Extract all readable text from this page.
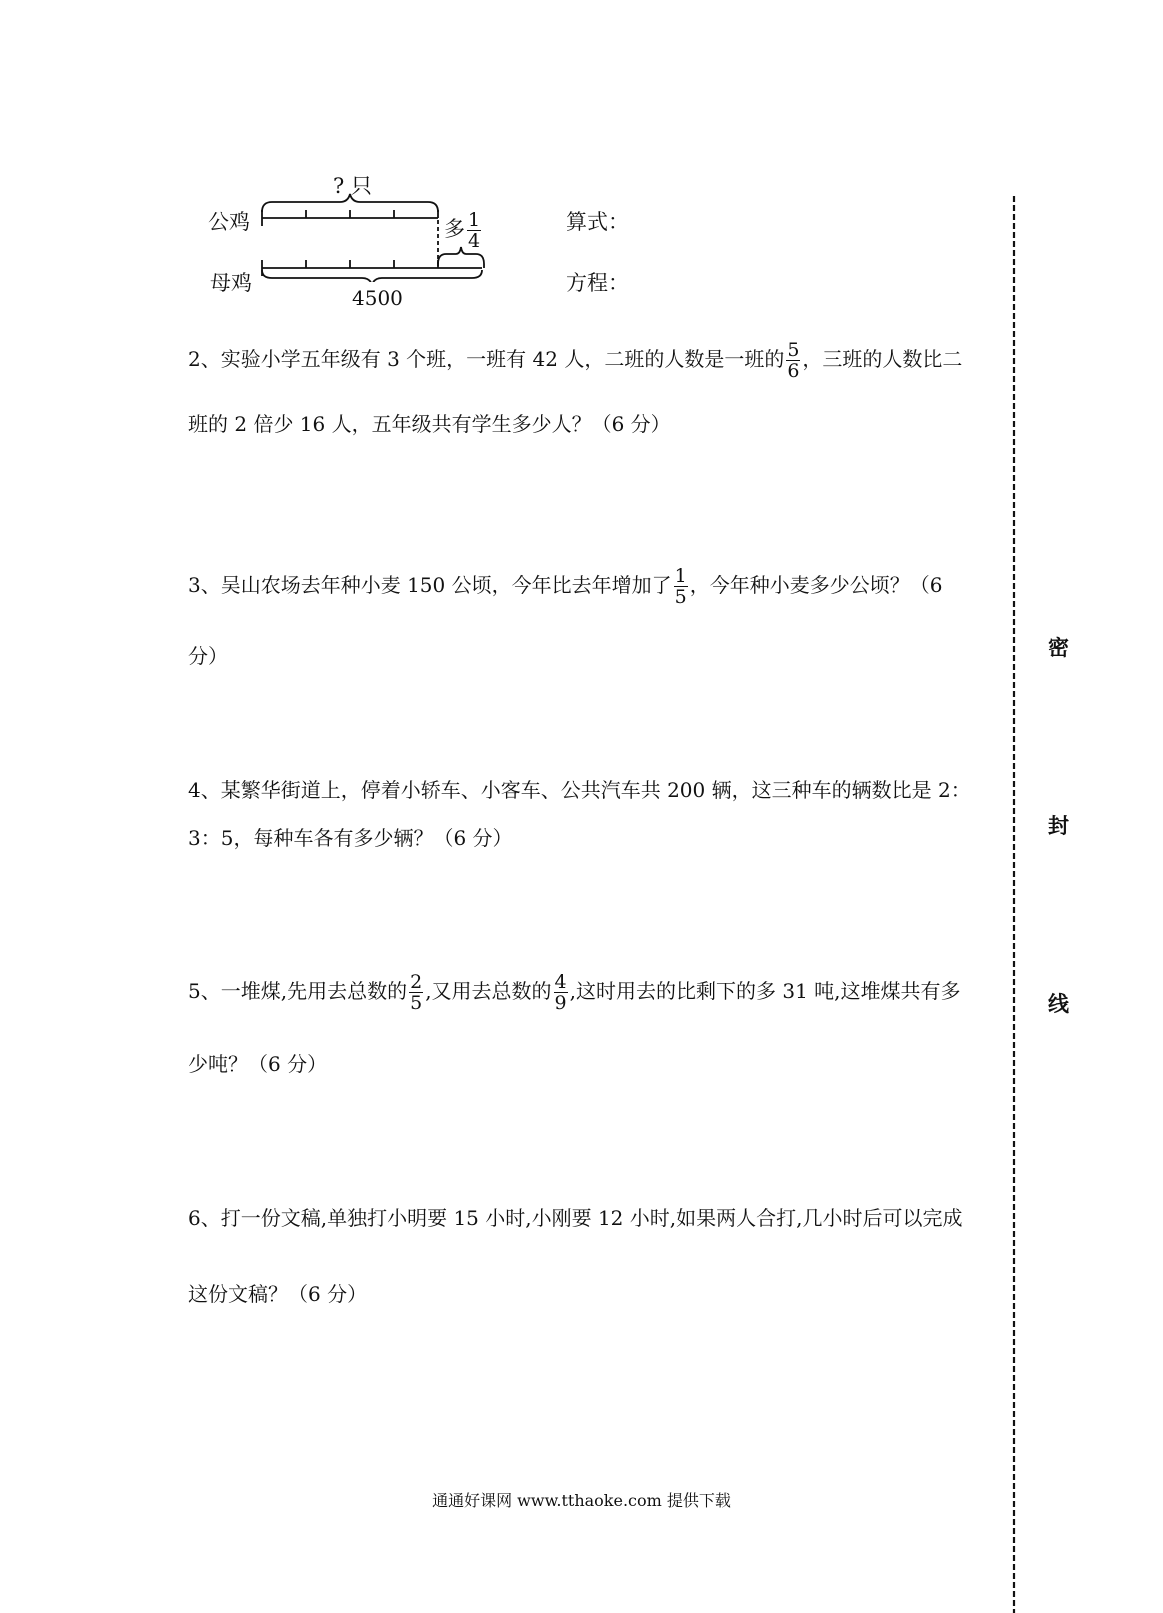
? 只
公鸡
母鸡
多 $\frac{1}{4}$
4500
算式：
方程：
2、实验小学五年级有 3 个班，一班有 42 人，二班的人数是一班的 $\frac{5}{6}$ ，三班的人数比二
班的 2 倍少 16 人，五年级共有学生多少人？（6 分）
3、吴山农场去年种小麦 150 公顷，今年比去年增加了 $\frac{1}{5}$ ，今年种小麦多少公顷？（6
分）
4、某繁华街道上，停着小轿车、小客车、公共汽车共 200 辆，这三种车的辆数比是 2：
3：5，每种车各有多少辆？（6 分）
5、一堆煤,先用去总数的 $\frac{2}{5}$ ,又用去总数的 $\frac{4}{9}$ ,这时用去的比剩下的多 31 吨,这堆煤共有多
少吨？（6 分）
6、打一份文稿,单独打小明要 15 小时,小刚要 12 小时,如果两人合打,几小时后可以完成
这份文稿？（6 分）
密
封
线
通通好课网 www.tthaoke.com 提供下载
